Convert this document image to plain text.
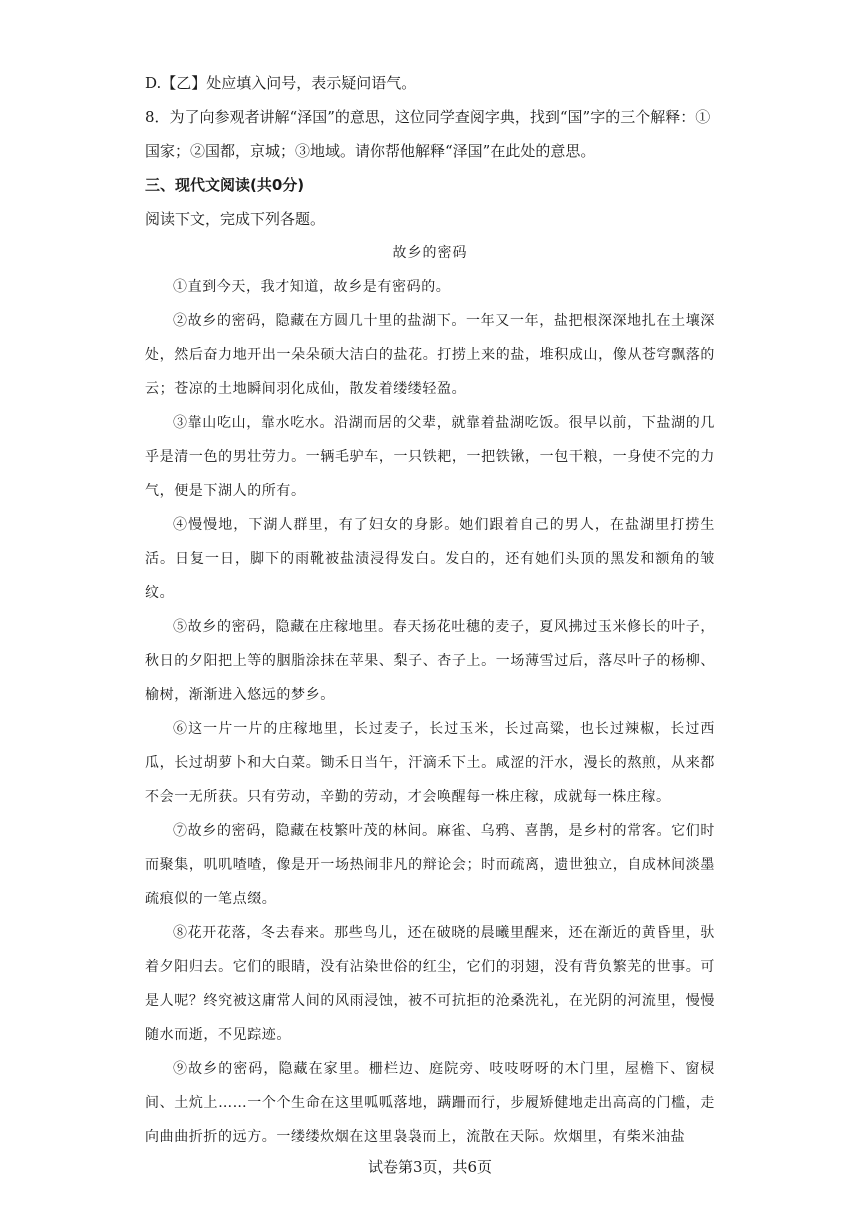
D.【乙】处应填入问号，表示疑问语气。

8．为了向参观者讲解“泽国”的意思，这位同学查阅字典，找到“国”字的三个解释：①国家；②国都，京城；③地域。请你帮他解释“泽国”在此处的意思。

三、现代文阅读(共0分)

阅读下文，完成下列各题。

故乡的密码

①直到今天，我才知道，故乡是有密码的。

②故乡的密码，隐藏在方圆几十里的盐湖下。一年又一年，盐把根深深地扎在土壤深处，然后奋力地开出一朵朵硕大洁白的盐花。打捞上来的盐，堆积成山，像从苍穹飘落的云；苍凉的土地瞬间羽化成仙，散发着缕缕轻盈。

③靠山吃山，靠水吃水。沿湖而居的父辈，就靠着盐湖吃饭。很早以前，下盐湖的几乎是清一色的男壮劳力。一辆毛驴车，一只铁耙，一把铁锹，一包干粮，一身使不完的力气，便是下湖人的所有。

④慢慢地，下湖人群里，有了妇女的身影。她们跟着自己的男人，在盐湖里打捞生活。日复一日，脚下的雨靴被盐渍浸得发白。发白的，还有她们头顶的黑发和额角的皱纹。

⑤故乡的密码，隐藏在庄稼地里。春天扬花吐穗的麦子，夏风拂过玉米修长的叶子，秋日的夕阳把上等的胭脂涂抹在苹果、梨子、杏子上。一场薄雪过后，落尽叶子的杨柳、榆树，渐渐进入悠远的梦乡。

⑥这一片一片的庄稼地里，长过麦子，长过玉米，长过高粱，也长过辣椒，长过西瓜，长过胡萝卜和大白菜。锄禾日当午，汗滴禾下土。咸涩的汗水，漫长的熬煎，从来都不会一无所获。只有劳动，辛勤的劳动，才会唤醒每一株庄稼，成就每一株庄稼。

⑦故乡的密码，隐藏在枝繁叶茂的林间。麻雀、乌鸦、喜鹊，是乡村的常客。它们时而聚集，叽叽喳喳，像是开一场热闹非凡的辩论会；时而疏离，遗世独立，自成林间淡墨疏痕似的一笔点缀。

⑧花开花落，冬去春来。那些鸟儿，还在破晓的晨曦里醒来，还在渐近的黄昏里，驮着夕阳归去。它们的眼睛，没有沾染世俗的红尘，它们的羽翅，没有背负繁芜的世事。可是人呢？终究被这庸常人间的风雨浸蚀，被不可抗拒的沧桑洗礼，在光阴的河流里，慢慢随水而逝，不见踪迹。

⑨故乡的密码，隐藏在家里。栅栏边、庭院旁、吱吱呀呀的木门里，屋檐下、窗棂间、土炕上……一个个生命在这里呱呱落地，蹒跚而行，步履矫健地走出高高的门槛，走向曲曲折折的远方。一缕缕炊烟在这里袅袅而上，流散在天际。炊烟里，有柴米油盐

试卷第3页，共6页
